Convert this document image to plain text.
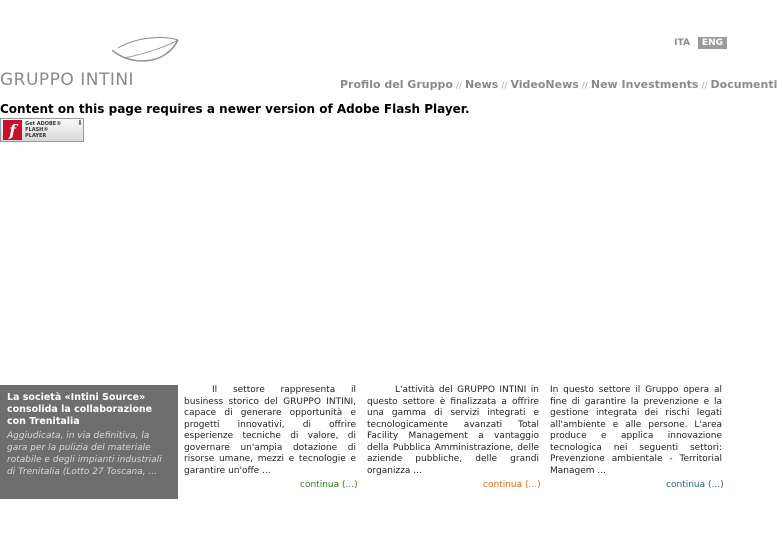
GRUPPO INTINI
ITA	ENG
Profilo del Gruppo // News // VideoNews // New Investments // Documenti
Content on this page requires a newer version of Adobe Flash Player.
f	Get ADOBE®
FLASH® PLAYER
⬇
La società «Intini Source» consolida la collaborazione con Trenitalia
Aggiudicata, in via definitiva, la gara per la pulizia del materiale rotabile e degli impianti industriali di Trenitalia (Lotto 27 Toscana, ...

Il settore rappresenta il business storico del GRUPPO INTINI, capace di generare opportunità e progetti innovativi, di offrire esperienze tecniche di valore, di governare un'ampia dotazione di risorse umane, mezzi e tecnologie e garantire un'offe ...

L'attività del GRUPPO INTINI in questo settore è finalizzata a offrire una gamma di servizi integrati e tecnologicamente avanzati Total Facility Management a vantaggio della Pubblica Amministrazione, delle aziende pubbliche, delle grandi organizza ...

In questo settore il Gruppo opera al fine di garantire la prevenzione e la gestione integrata dei rischi legati all'ambiente e alle persone. L'area produce e applica innovazione tecnologica nei seguenti settori: Prevenzione ambientale - Territorial Managem ...

continua (...)	continua (...)	continua (...)
